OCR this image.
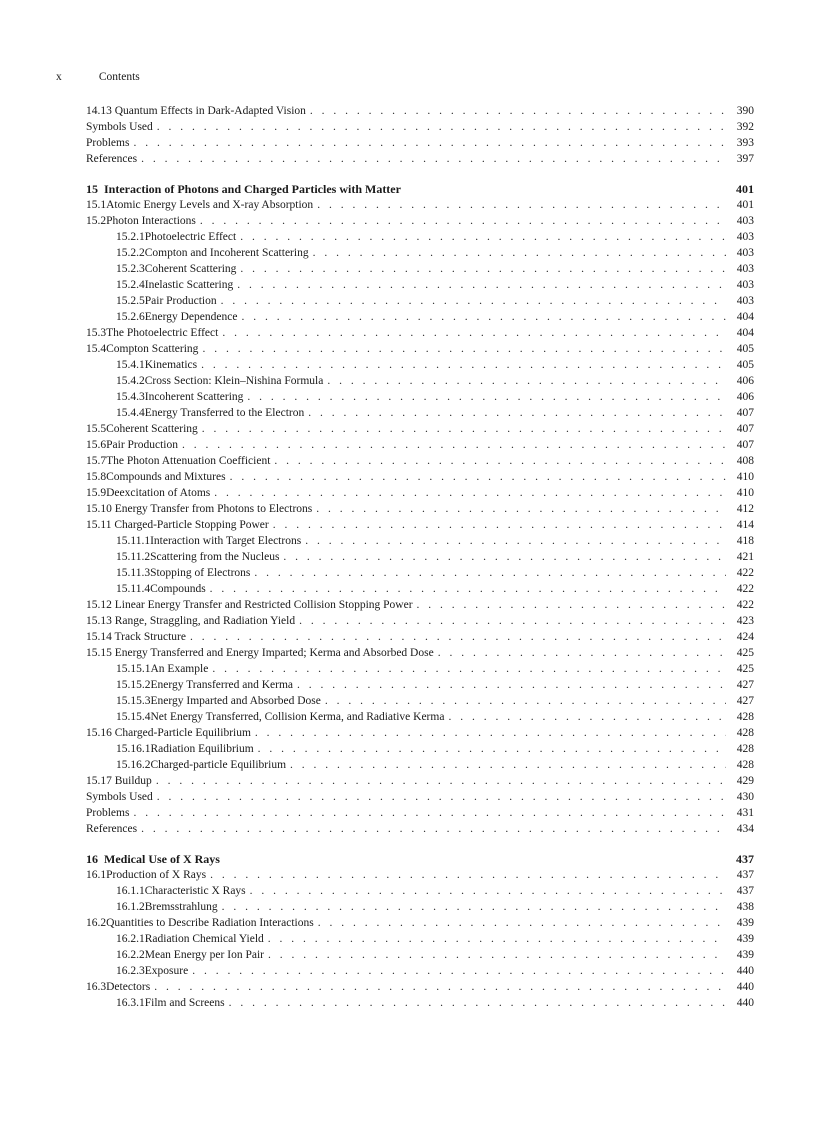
x	Contents
14.13 Quantum Effects in Dark-Adapted Vision . . .	390
Symbols Used . . .	392
Problems . . .	393
References . . .	397
15 Interaction of Photons and Charged Particles with Matter	401
15.1 Atomic Energy Levels and X-ray Absorption . . .	401
15.2 Photon Interactions . . .	403
15.2.1 Photoelectric Effect . . .	403
15.2.2 Compton and Incoherent Scattering . . .	403
15.2.3 Coherent Scattering . . .	403
15.2.4 Inelastic Scattering . . .	403
15.2.5 Pair Production . . .	403
15.2.6 Energy Dependence . . .	404
15.3 The Photoelectric Effect . . .	404
15.4 Compton Scattering . . .	405
15.4.1 Kinematics . . .	405
15.4.2 Cross Section: Klein–Nishina Formula . . .	406
15.4.3 Incoherent Scattering . . .	406
15.4.4 Energy Transferred to the Electron . . .	407
15.5 Coherent Scattering . . .	407
15.6 Pair Production . . .	407
15.7 The Photon Attenuation Coefficient . . .	408
15.8 Compounds and Mixtures . . .	410
15.9 Deexcitation of Atoms . . .	410
15.10 Energy Transfer from Photons to Electrons . . .	412
15.11 Charged-Particle Stopping Power . . .	414
15.11.1 Interaction with Target Electrons . . .	418
15.11.2 Scattering from the Nucleus . . .	421
15.11.3 Stopping of Electrons . . .	422
15.11.4 Compounds . . .	422
15.12 Linear Energy Transfer and Restricted Collision Stopping Power . . .	422
15.13 Range, Straggling, and Radiation Yield . . .	423
15.14 Track Structure . . .	424
15.15 Energy Transferred and Energy Imparted; Kerma and Absorbed Dose . . .	425
15.15.1 An Example . . .	425
15.15.2 Energy Transferred and Kerma . . .	427
15.15.3 Energy Imparted and Absorbed Dose . . .	427
15.15.4 Net Energy Transferred, Collision Kerma, and Radiative Kerma . . .	428
15.16 Charged-Particle Equilibrium . . .	428
15.16.1 Radiation Equilibrium . . .	428
15.16.2 Charged-particle Equilibrium . . .	428
15.17 Buildup . . .	429
Symbols Used . . .	430
Problems . . .	431
References . . .	434
16 Medical Use of X Rays	437
16.1 Production of X Rays . . .	437
16.1.1 Characteristic X Rays . . .	437
16.1.2 Bremsstrahlung . . .	438
16.2 Quantities to Describe Radiation Interactions . . .	439
16.2.1 Radiation Chemical Yield . . .	439
16.2.2 Mean Energy per Ion Pair . . .	439
16.2.3 Exposure . . .	440
16.3 Detectors . . .	440
16.3.1 Film and Screens . . .	440
